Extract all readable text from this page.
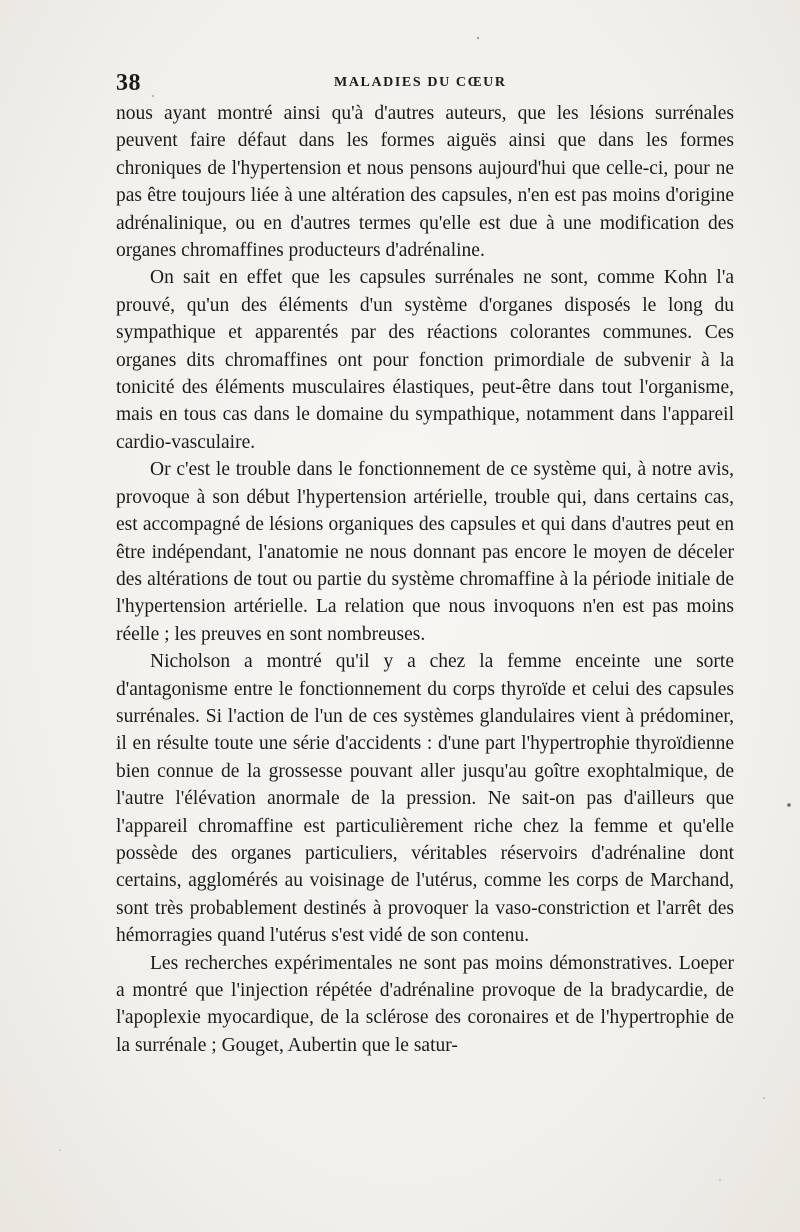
38	MALADIES DU CŒUR

nous ayant montré ainsi qu'à d'autres auteurs, que les lésions surrénales peuvent faire défaut dans les formes aiguës ainsi que dans les formes chroniques de l'hypertension et nous pensons aujourd'hui que celle-ci, pour ne pas être toujours liée à une altération des capsules, n'en est pas moins d'origine adrénalinique, ou en d'autres termes qu'elle est due à une modification des organes chromaffines producteurs d'adrénaline.

On sait en effet que les capsules surrénales ne sont, comme Kohn l'a prouvé, qu'un des éléments d'un système d'organes disposés le long du sympathique et apparentés par des réactions colorantes communes. Ces organes dits chromaffines ont pour fonction primordiale de subvenir à la tonicité des éléments musculaires élastiques, peut-être dans tout l'organisme, mais en tous cas dans le domaine du sympathique, notamment dans l'appareil cardio-vasculaire.

Or c'est le trouble dans le fonctionnement de ce système qui, à notre avis, provoque à son début l'hypertension artérielle, trouble qui, dans certains cas, est accompagné de lésions organiques des capsules et qui dans d'autres peut en être indépendant, l'anatomie ne nous donnant pas encore le moyen de déceler des altérations de tout ou partie du système chromaffine à la période initiale de l'hypertension artérielle. La relation que nous invoquons n'en est pas moins réelle ; les preuves en sont nombreuses.

Nicholson a montré qu'il y a chez la femme enceinte une sorte d'antagonisme entre le fonctionnement du corps thyroïde et celui des capsules surrénales. Si l'action de l'un de ces systèmes glandulaires vient à prédominer, il en résulte toute une série d'accidents : d'une part l'hypertrophie thyroïdienne bien connue de la grossesse pouvant aller jusqu'au goître exophtalmique, de l'autre l'élévation anormale de la pression. Ne sait-on pas d'ailleurs que l'appareil chromaffine est particulièrement riche chez la femme et qu'elle possède des organes particuliers, véritables réservoirs d'adrénaline dont certains, agglomérés au voisinage de l'utérus, comme les corps de Marchand, sont très probablement destinés à provoquer la vaso-constriction et l'arrêt des hémorragies quand l'utérus s'est vidé de son contenu.

Les recherches expérimentales ne sont pas moins démonstratives. Loeper a montré que l'injection répétée d'adrénaline provoque de la bradycardie, de l'apoplexie myocardique, de la sclérose des coronaires et de l'hypertrophie de la surrénale ; Gouget, Aubertin que le satur-
